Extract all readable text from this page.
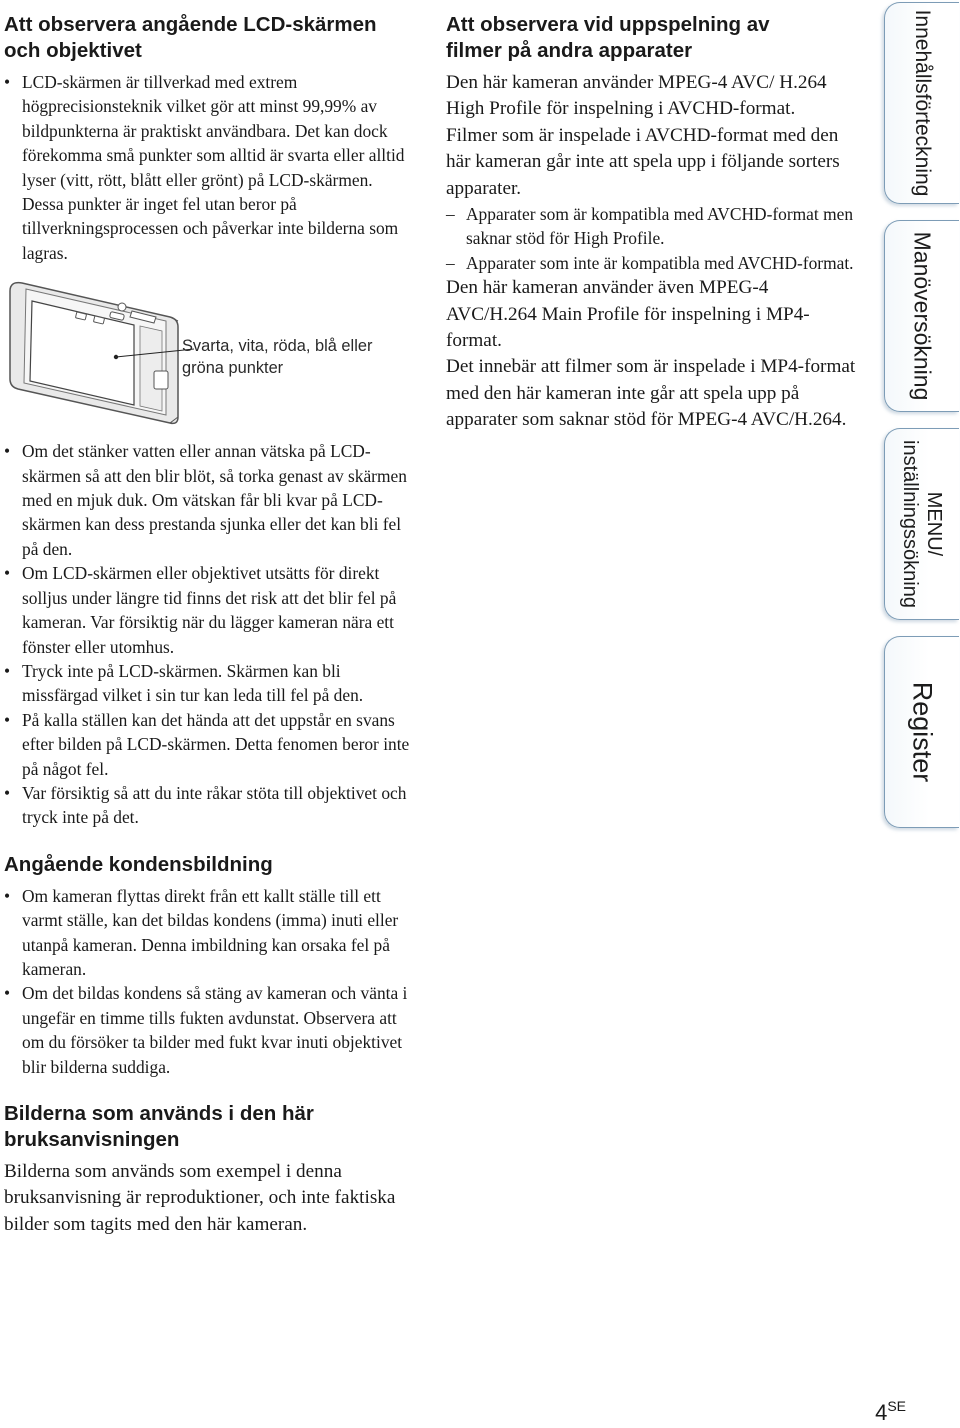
Att observera angående LCD-skärmen och objektivet
• LCD-skärmen är tillverkad med extrem högprecisionsteknik vilket gör att minst 99,99% av bildpunkterna är praktiskt användbara. Det kan dock förekomma små punkter som alltid är svarta eller alltid lyser (vitt, rött, blått eller grönt) på LCD-skärmen. Dessa punkter är inget fel utan beror på tillverkningsprocessen och påverkar inte bilderna som lagras.
Svarta, vita, röda, blå eller gröna punkter
• Om det stänker vatten eller annan vätska på LCD-skärmen så att den blir blöt, så torka genast av skärmen med en mjuk duk. Om vätskan får bli kvar på LCD-skärmen kan dess prestanda sjunka eller det kan bli fel på den.
• Om LCD-skärmen eller objektivet utsätts för direkt solljus under längre tid finns det risk att det blir fel på kameran. Var försiktig när du lägger kameran nära ett fönster eller utomhus.
• Tryck inte på LCD-skärmen. Skärmen kan bli missfärgad vilket i sin tur kan leda till fel på den.
• På kalla ställen kan det hända att det uppstår en svans efter bilden på LCD-skärmen. Detta fenomen beror inte på något fel.
• Var försiktig så att du inte råkar stöta till objektivet och tryck inte på det.
Angående kondensbildning
• Om kameran flyttas direkt från ett kallt ställe till ett varmt ställe, kan det bildas kondens (imma) inuti eller utanpå kameran. Denna imbildning kan orsaka fel på kameran.
• Om det bildas kondens så stäng av kameran och vänta i ungefär en timme tills fukten avdunstat. Observera att om du försöker ta bilder med fukt kvar inuti objektivet blir bilderna suddiga.
Bilderna som används i den här bruksanvisningen

Bilderna som används som exempel i denna bruksanvisning är reproduktioner, och inte faktiska bilder som tagits med den här kameran.

Att observera vid uppspelning av filmer på andra apparater

Den här kameran använder MPEG-4 AVC/ H.264 High Profile för inspelning i AVCHD-format.

Filmer som är inspelade i AVCHD-format med den här kameran går inte att spela upp i följande sorters apparater.

– Apparater som är kompatibla med AVCHD-format men saknar stöd för High Profile.
– Apparater som inte är kompatibla med AVCHD-format.

Den här kameran använder även MPEG-4 AVC/H.264 Main Profile för inspelning i MP4-format.

Det innebär att filmer som är inspelade i MP4-format med den här kameran inte går att spela upp på apparater som saknar stöd för MPEG-4 AVC/H.264.

Innehållsförteckning
Manöversökning
MENU/
inställningssökning
Register
$4^{SE}$
